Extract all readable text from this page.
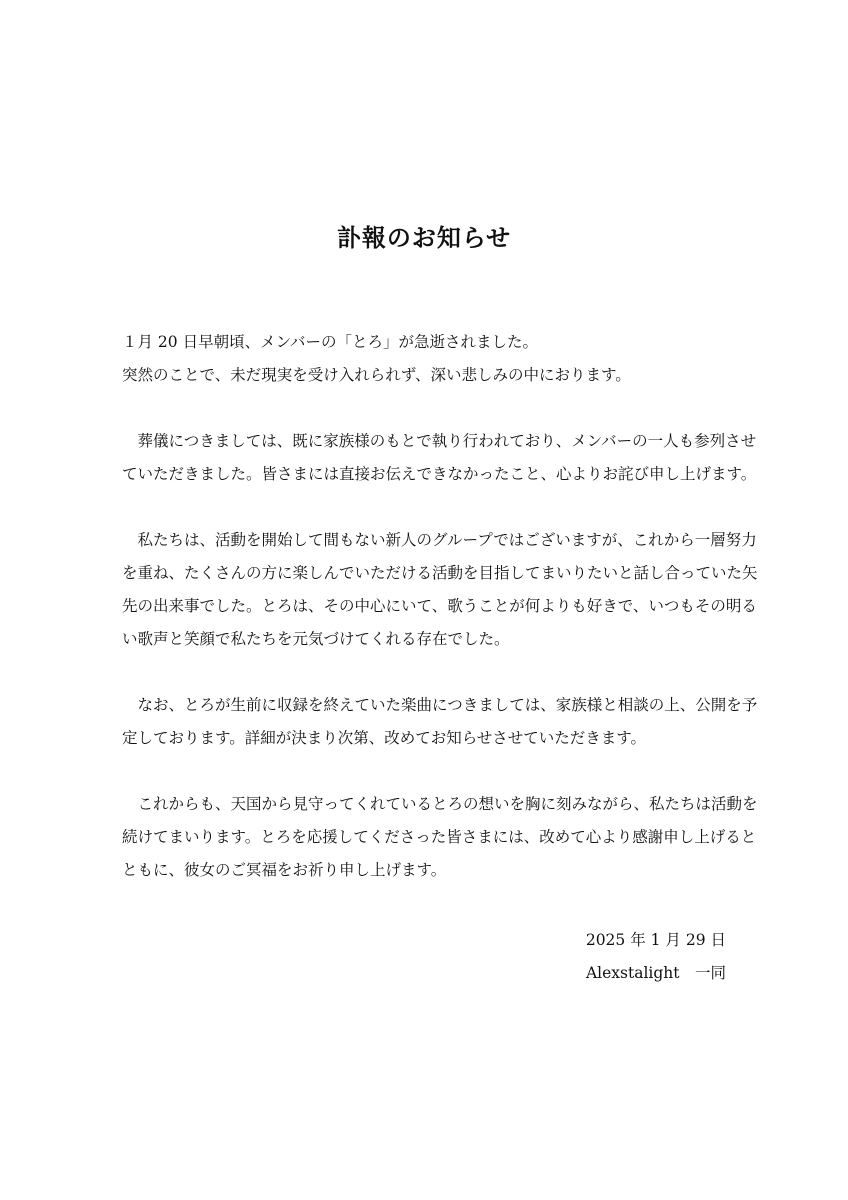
訃報のお知らせ

１月 20 日早朝頃、メンバーの「とろ」が急逝されました。
突然のことで、未だ現実を受け入れられず、深い悲しみの中におります。

　葬儀につきましては、既に家族様のもとで執り行われており、メンバーの一人も参列させ
ていただきました。皆さまには直接お伝えできなかったこと、心よりお詫び申し上げます。

　私たちは、活動を開始して間もない新人のグループではございますが、これから一層努力
を重ね、たくさんの方に楽しんでいただける活動を目指してまいりたいと話し合っていた矢
先の出来事でした。とろは、その中心にいて、歌うことが何よりも好きで、いつもその明る
い歌声と笑顔で私たちを元気づけてくれる存在でした。

　なお、とろが生前に収録を終えていた楽曲につきましては、家族様と相談の上、公開を予
定しております。詳細が決まり次第、改めてお知らせさせていただきます。

　これからも、天国から見守ってくれているとろの想いを胸に刻みながら、私たちは活動を
続けてまいります。とろを応援してくださった皆さまには、改めて心より感謝申し上げると
ともに、彼女のご冥福をお祈り申し上げます。

2025 年 1 月 29 日
Alexstalight　一同
